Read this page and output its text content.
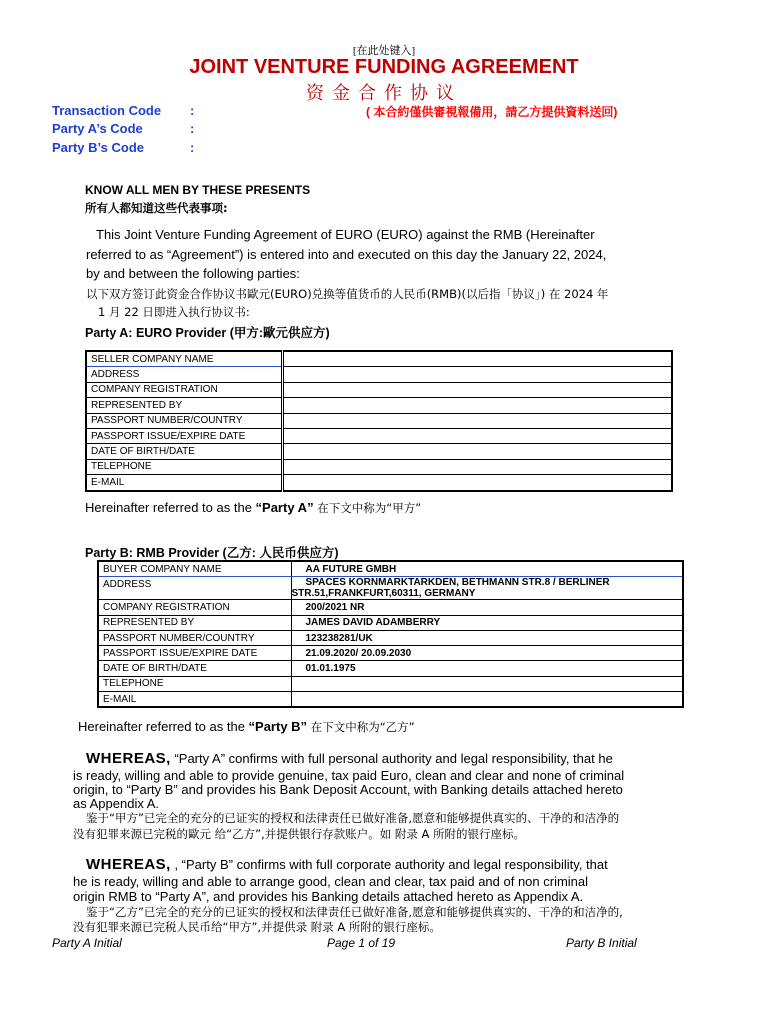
[在此处键入]
JOINT VENTURE FUNDING AGREEMENT
资金合作协议
Transaction Code :	( 本合約僅供審視報備用，請乙方提供資料送回)
Party A’s Code	:
Party B’s Code	:
KNOW ALL MEN BY THESE PRESENTS
所有人都知道这些代表事项:
This Joint Venture Funding Agreement of EURO (EURO) against the RMB (Hereinafter
referred to as “Agreement”) is entered into and executed on this day the January 22, 2024,
by and between the following parties:
以下双方签订此资金合作协议书歐元(EURO)兑换等值货币的人民币(RMB)(以后指「协议」) 在 2024 年
1 月 22 日即进入执行协议书:
Party A: EURO Provider (甲方:歐元供应方)
SELLER COMPANY NAME	
ADDRESS	
COMPANY REGISTRATION	
REPRESENTED BY	
PASSPORT NUMBER/COUNTRY	
PASSPORT ISSUE/EXPIRE DATE	
DATE OF BIRTH/DATE	
TELEPHONE	
E-MAIL	
Hereinafter referred to as the “Party A” 在下文中称为“甲方”
Party B: RMB Provider (乙方: 人民币供应方)
BUYER COMPANY NAME	AA FUTURE GMBH
ADDRESS	SPACES KORNMARKTARKDEN, BETHMANN STR.8 / BERLINER
STR.51,FRANKFURT,60311, GERMANY

COMPANY REGISTRATION	200/2021 NR
REPRESENTED BY	JAMES DAVID ADAMBERRY
PASSPORT NUMBER/COUNTRY	123238281/UK
PASSPORT ISSUE/EXPIRE DATE	21.09.2020/ 20.09.2030
DATE OF BIRTH/DATE	01.01.1975
TELEPHONE	
E-MAIL	
Hereinafter referred to as the “Party B” 在下文中称为“乙方”
WHEREAS, “Party A” confirms with full personal authority and legal responsibility, that he
is ready, willing and able to provide genuine, tax paid Euro, clean and clear and none of criminal
origin, to “Party B” and provides his Bank Deposit Account, with Banking details attached hereto
as Appendix A.
鉴于“甲方”已完全的充分的已证实的授权和法律责任已做好准备,愿意和能够提供真实的、干净的和洁净的
没有犯罪来源已完税的歐元 给“乙方”,并提供银行存款账户。如 附录 A 所附的银行座标。
WHEREAS, , “Party B” confirms with full corporate authority and legal responsibility, that
he is ready, willing and able to arrange good, clean and clear, tax paid and of non criminal
origin RMB to “Party A”, and provides his Banking details attached hereto as Appendix A.
鉴于“乙方”已完全的充分的已证实的授权和法律责任已做好准备,愿意和能够提供真实的、干净的和洁净的,
没有犯罪来源已完税人民币给“甲方”,并提供录 附录 A 所附的银行座标。
Party A Initial	Page 1 of 19	Party B Initial
